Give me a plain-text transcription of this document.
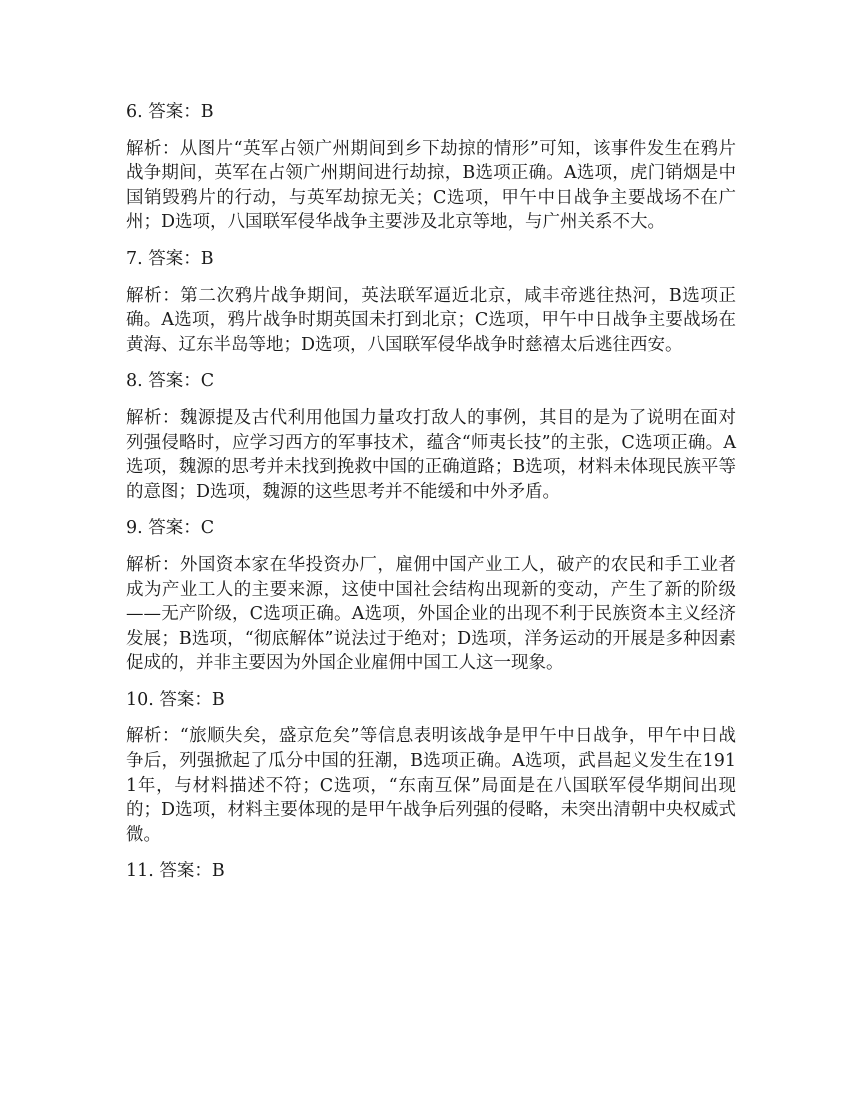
6. 答案：B

解析：从图片“英军占领广州期间到乡下劫掠的情形”可知，该事件发生在鸦片战争期间，英军在占领广州期间进行劫掠，B选项正确。A选项，虎门销烟是中国销毁鸦片的行动，与英军劫掠无关；C选项，甲午中日战争主要战场不在广州；D选项，八国联军侵华战争主要涉及北京等地，与广州关系不大。

7. 答案：B

解析：第二次鸦片战争期间，英法联军逼近北京，咸丰帝逃往热河，B选项正确。A选项，鸦片战争时期英国未打到北京；C选项，甲午中日战争主要战场在黄海、辽东半岛等地；D选项，八国联军侵华战争时慈禧太后逃往西安。

8. 答案：C

解析：魏源提及古代利用他国力量攻打敌人的事例，其目的是为了说明在面对列强侵略时，应学习西方的军事技术，蕴含“师夷长技”的主张，C选项正确。A选项，魏源的思考并未找到挽救中国的正确道路；B选项，材料未体现民族平等的意图；D选项，魏源的这些思考并不能缓和中外矛盾。

9. 答案：C

解析：外国资本家在华投资办厂，雇佣中国产业工人，破产的农民和手工业者成为产业工人的主要来源，这使中国社会结构出现新的变动，产生了新的阶级——无产阶级，C选项正确。A选项，外国企业的出现不利于民族资本主义经济发展；B选项，“彻底解体”说法过于绝对；D选项，洋务运动的开展是多种因素促成的，并非主要因为外国企业雇佣中国工人这一现象。

10. 答案：B

解析：“旅顺失矣，盛京危矣”等信息表明该战争是甲午中日战争，甲午中日战争后，列强掀起了瓜分中国的狂潮，B选项正确。A选项，武昌起义发生在1911年，与材料描述不符；C选项，“东南互保”局面是在八国联军侵华期间出现的；D选项，材料主要体现的是甲午战争后列强的侵略，未突出清朝中央权威式微。

11. 答案：B
